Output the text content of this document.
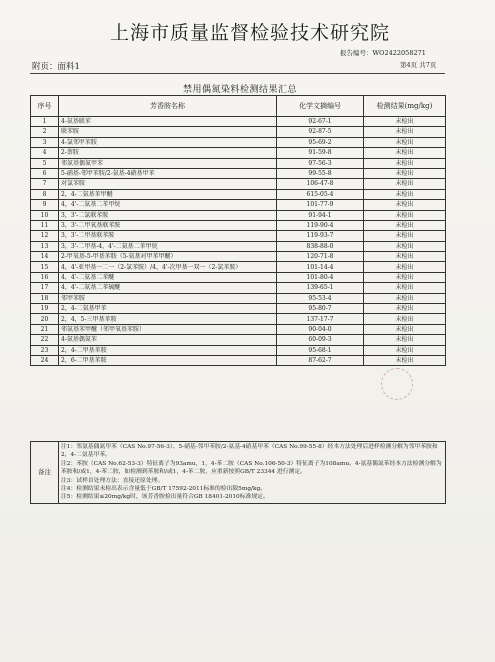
上海市质量监督检验技术研究院
报告编号：WO2422058271
附页：面料1	第4页 共7页
禁用偶氮染料检测结果汇总
序号	芳香胺名称	化学文摘编号	检测结果(mg/kg)
1	4-氨基联苯	92-67-1	未检出
2	联苯胺	92-87-5	未检出
3	4-氯邻甲苯胺	95-69-2	未检出
4	2-萘胺	91-59-8	未检出
5	邻氨基偶氮甲苯	97-56-3	未检出
6	5-硝基-邻甲苯胺/2-氨基-4硝基甲苯	99-55-8	未检出
7	对氯苯胺	106-47-8	未检出
8	2，4-二氨基苯甲醚	615-05-4	未检出
9	4，4'-二氨基二苯甲烷	101-77-9	未检出
10	3，3'-二氯联苯胺	91-94-1	未检出
11	3，3'-二甲氧基联苯胺	119-90-4	未检出
12	3，3'-二甲基联苯胺	119-93-7	未检出
13	3，3'-二甲基-4，4'-二氨基二苯甲烷	838-88-0	未检出
14	2-甲氧基-5-甲基苯胺（5-氨基对甲苯甲醚）	120-71-8	未检出
15	4，4'-亚甲基一二一（2-氯苯胺）/4，4'-次甲基一双一（2-氯苯胺）	101-14-4	未检出
16	4，4'-二氨基二苯醚	101-80-4	未检出
17	4，4'-二氨基二苯硫醚	139-65-1	未检出
18	邻甲苯胺	95-53-4	未检出
19	2，4-二氨基甲苯	95-80-7	未检出
20	2，4，5-三甲基苯胺	137-17-7	未检出
21	邻氨基苯甲醚（邻甲氧基苯胺）	90-04-0	未检出
22	4-氨基偶氮苯	60-09-3	未检出
23	2，4-二甲基苯胺	95-68-1	未检出
24	2，6-二甲基苯胺	87-62-7	未检出
备注	
注1：邻氨基偶氮甲苯（CAS No.97-56-3）、5-硝基-邻甲苯胺/2-氨基-4硝基甲苯（CAS No.99-55-8）经本方法处理后进样检测分解为邻甲苯胺和2，4-二氨基甲苯。
注2：苯胺（CAS No.62-53-3）特征离子为93amu，1，4-苯二胺（CAS No.106-50-3）特征离子为108amu。4-氨基偶氮苯经本方法检测分解为苯胺和/或1，4-苯二胺，如检测到苯胺和/或1，4-苯二胺，应重新按照GB/T 23344 进行测定。
注3：试样首处理方法：直接还原处理。
注4：检测结果未检出表示含量低于GB/T 17592-2011标准的检出限5mg/kg。
注5：检测结果≤20mg/kg时，该芳香胺检出量符合GB 18401-2010标准规定。
